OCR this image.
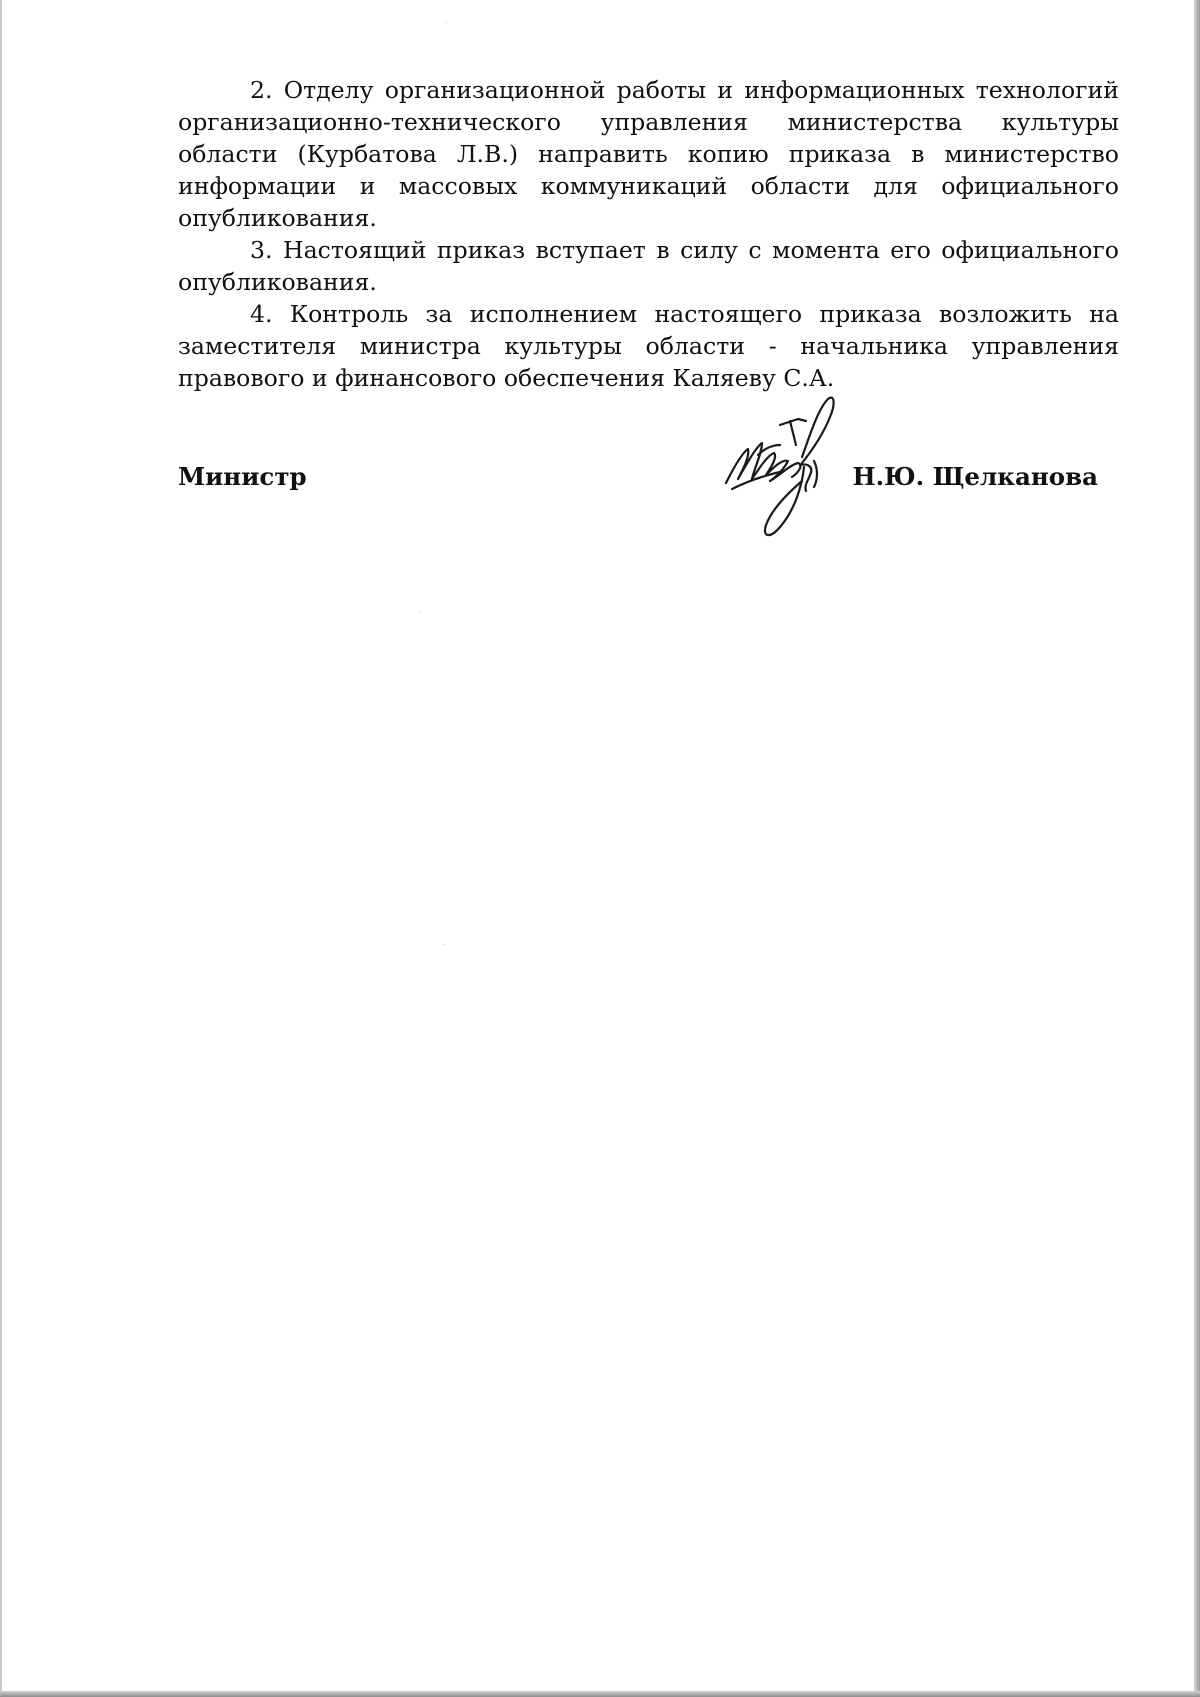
2. Отделу организационной работы и информационных технологий организационно-технического управления министерства культуры области (Курбатова Л.В.) направить копию приказа в министерство информации и массовых коммуникаций области для официального опубликования.

3. Настоящий приказ вступает в силу с момента его официального опубликования.

4. Контроль за исполнением настоящего приказа возложить на заместителя министра культуры области - начальника управления правового и финансового обеспечения Каляеву С.А.

Министр	Н.Ю. Щелканова
